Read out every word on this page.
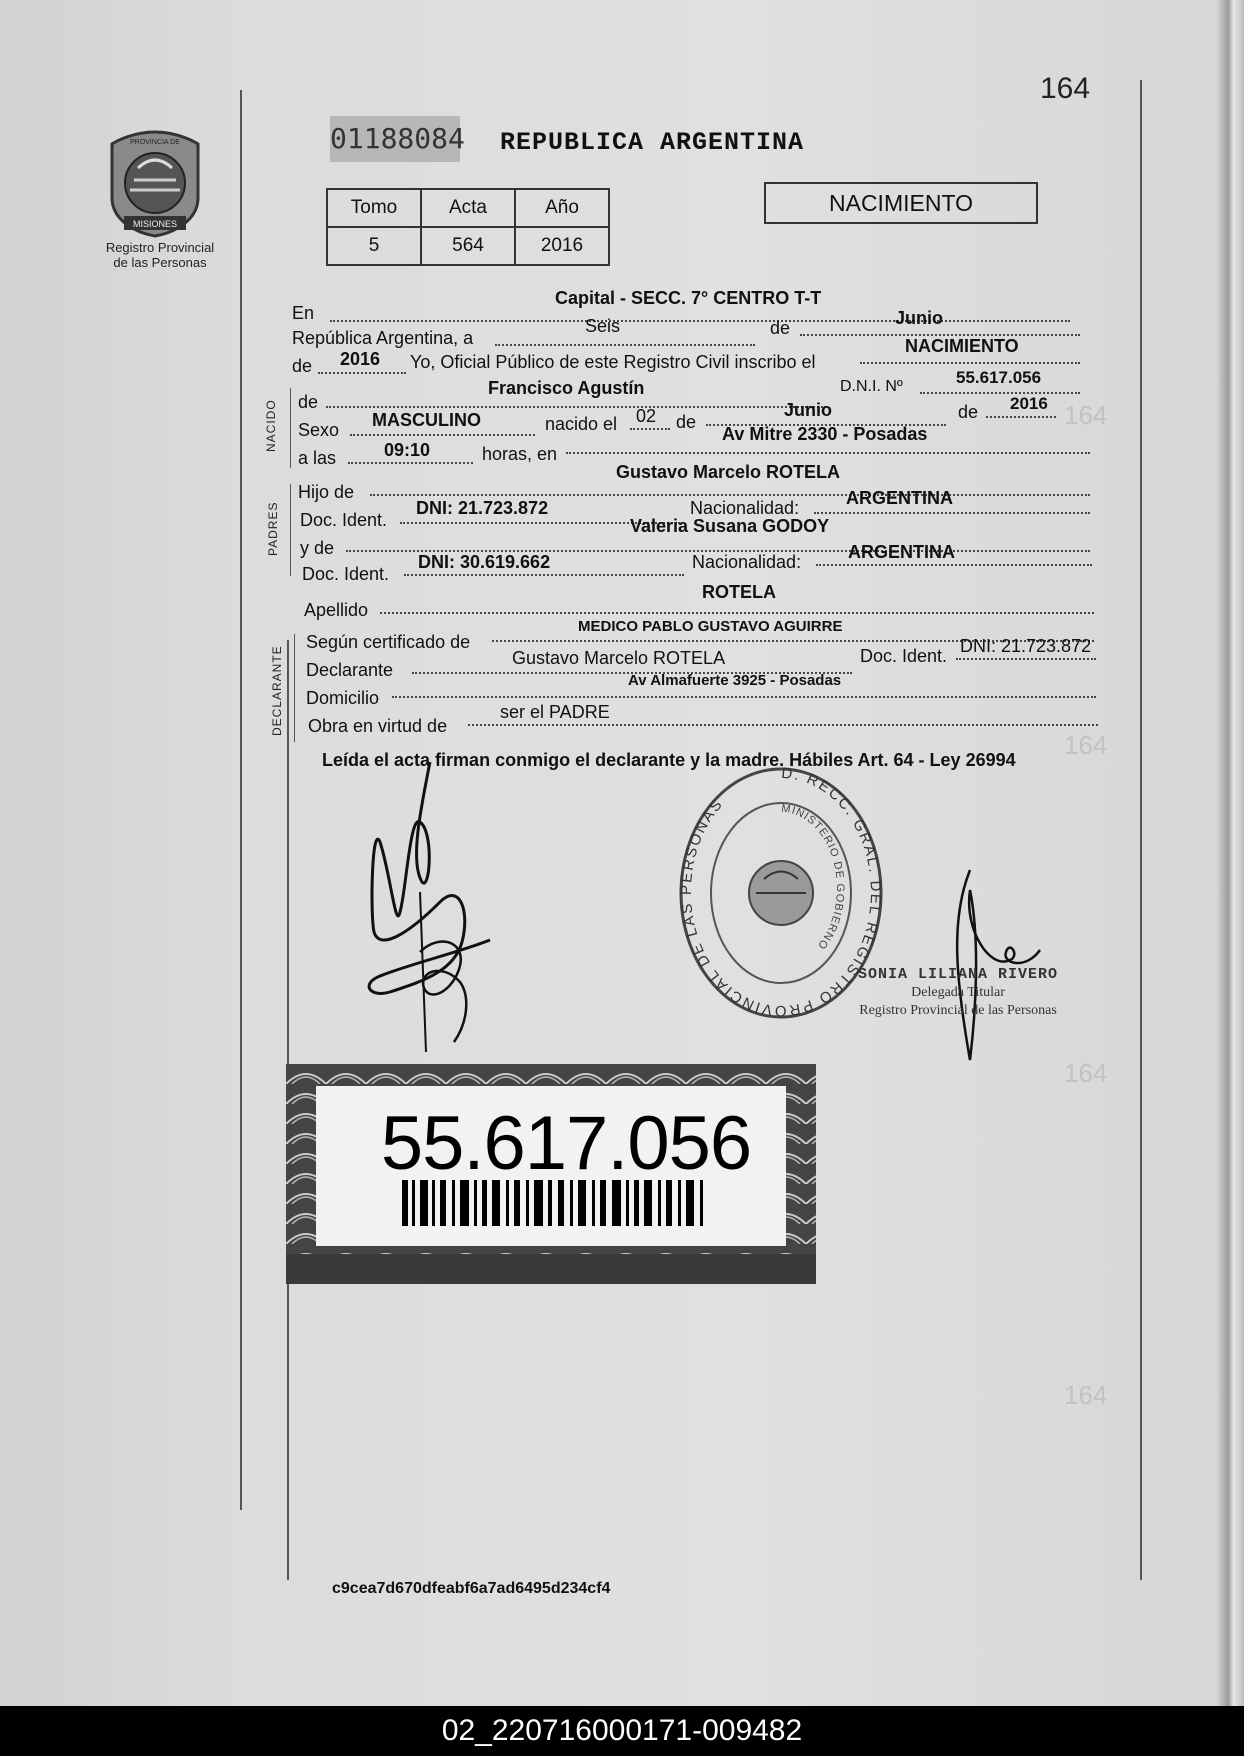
164
164
164
164
164
MISIONES
PROVINCIA DE
Registro Provincial
de las Personas
01188084 REPUBLICA ARGENTINA
Tomo	Acta	Año
5	564	2016
NACIMIENTO
En
Capital - SECC. 7° CENTRO T-T
República Argentina, a
Seis	de	Junio
de 2016 Yo, Oficial Público de este Registro Civil inscribo el
NACIMIENTO
NACIDO de
Francisco Agustín	D.N.I. Nº	55.617.056
Sexo MASCULINO	nacido el 02 de
Junio	de 2016
a las	09:10	horas, en
Av Mitre 2330 - Posadas
PADRES
Hijo de
Gustavo Marcelo ROTELA
Doc. Ident.
DNI: 21.723.872	Nacionalidad:	ARGENTINA
y de
Valeria Susana GODOY
Doc. Ident.
DNI: 30.619.662	Nacionalidad:	ARGENTINA
Apellido
ROTELA
DECLARANTE
Según certificado de
MEDICO PABLO GUSTAVO AGUIRRE
Declarante
Gustavo Marcelo ROTELA	Doc. Ident. DNI: 21.723.872
Domicilio
Av Almafuerte 3925 - Posadas
Obra en virtud de
ser el PADRE
Leída el acta firman conmigo el declarante y la madre. Hábiles Art. 64 - Ley 26994
D. RECC. GRAL. DEL REGISTRO PROVINCIAL DE LAS PERSONAS	MINISTERIO DE GOBIERNO
SONIA LILIANA RIVERO
Delegada Titular
Registro Provincial de las Personas
55.617.056
c9cea7d670dfeabf6a7ad6495d234cf4
02_220716000171-009482
